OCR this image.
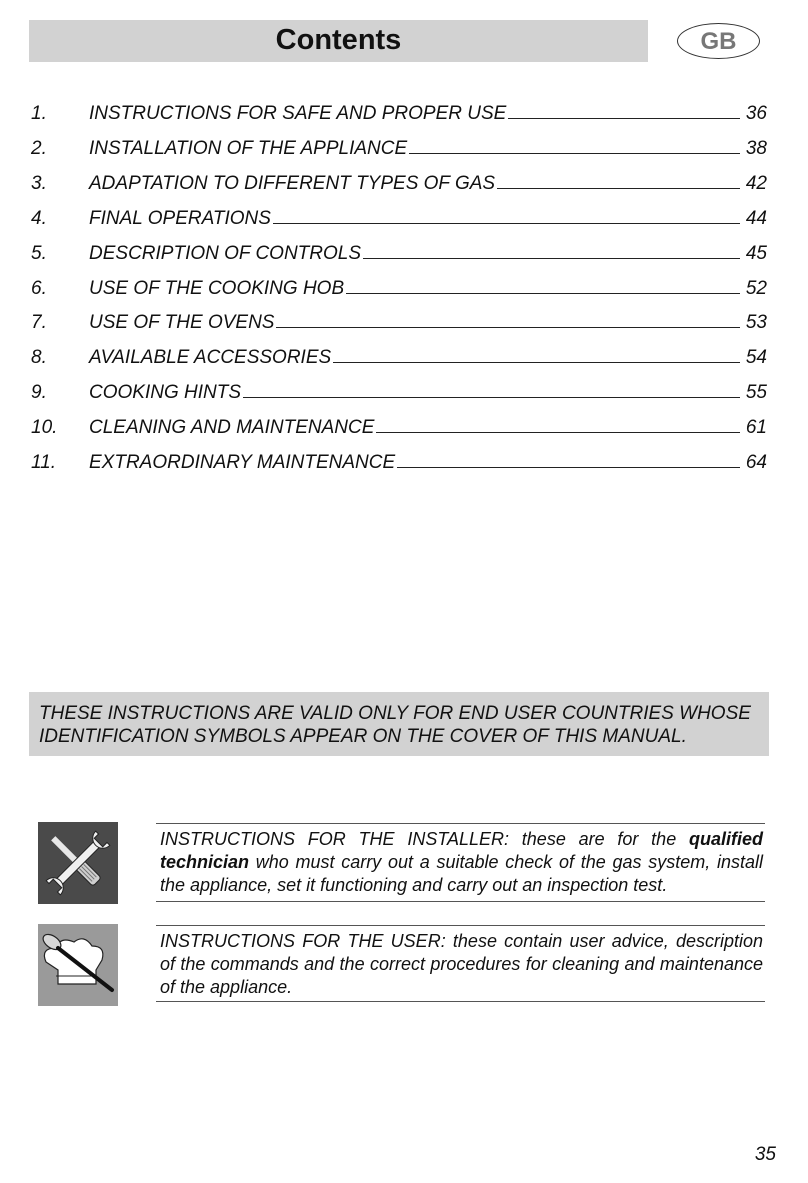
Contents	GB
1. INSTRUCTIONS FOR SAFE AND PROPER USE	36
2. INSTALLATION OF THE APPLIANCE	38
3. ADAPTATION TO DIFFERENT TYPES OF GAS	42
4. FINAL OPERATIONS	44
5. DESCRIPTION OF CONTROLS	45
6. USE OF THE COOKING HOB	52
7. USE OF THE OVENS	53
8. AVAILABLE ACCESSORIES	54
9. COOKING HINTS	55
10. CLEANING AND MAINTENANCE	61
11. EXTRAORDINARY MAINTENANCE	64
THESE INSTRUCTIONS ARE VALID ONLY FOR END USER COUNTRIES WHOSE IDENTIFICATION SYMBOLS APPEAR ON THE COVER OF THIS MANUAL.
INSTRUCTIONS FOR THE INSTALLER: these are for the qualified technician who must carry out a suitable check of the gas system, install the appliance, set it functioning and carry out an inspection test.
INSTRUCTIONS FOR THE USER: these contain user advice, description of the commands and the correct procedures for cleaning and maintenance of the appliance.
35
